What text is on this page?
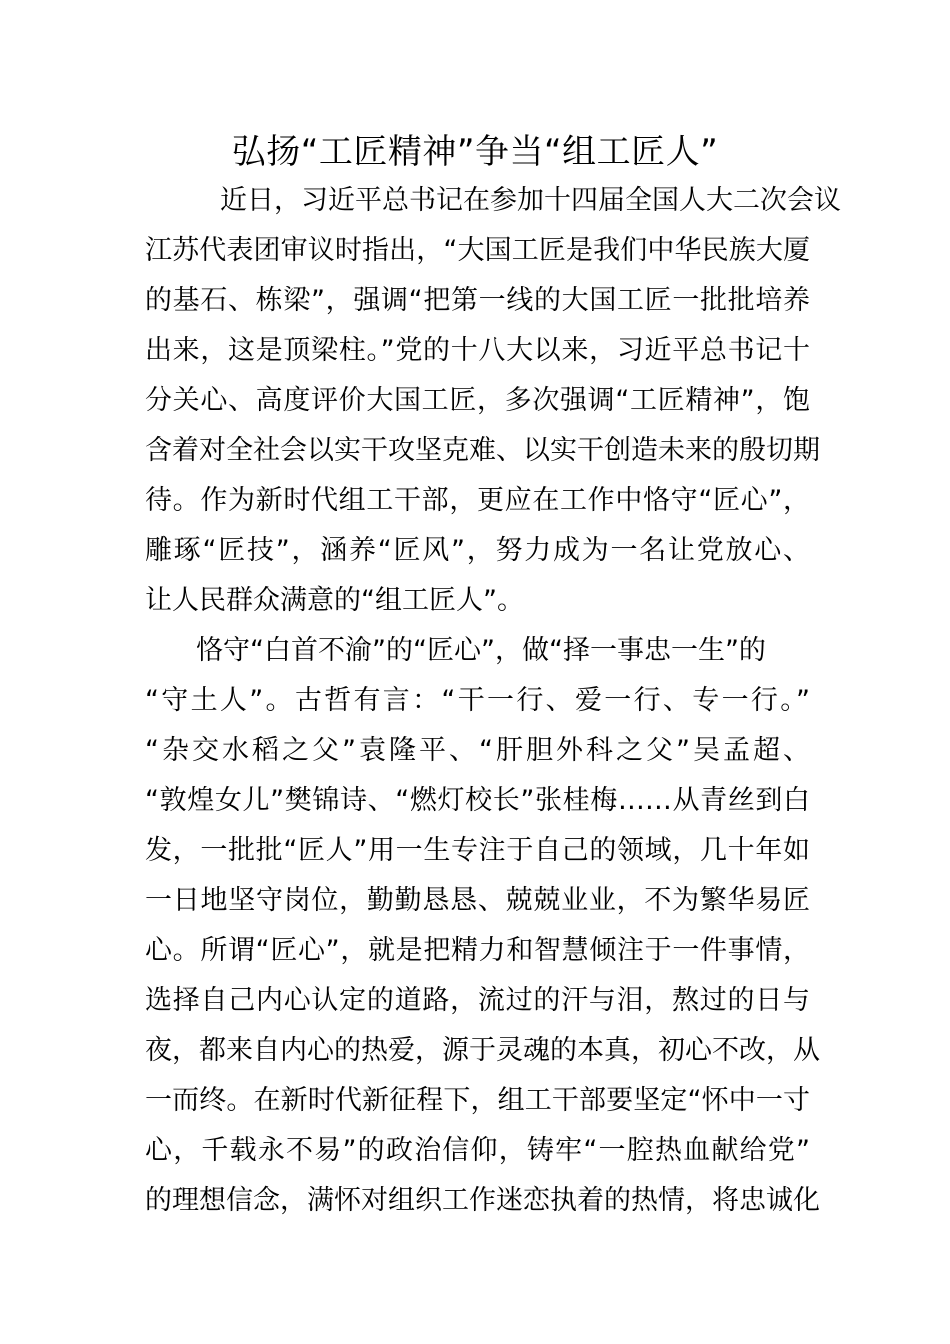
弘扬“工匠精神”争当“组工匠人”
　近日，习近平总书记在参加十四届全国人大二次会议
江苏代表团审议时指出，“大国工匠是我们中华民族大厦
的基石、栋梁”，强调“把第一线的大国工匠一批批培养
出来，这是顶梁柱。”党的十八大以来，习近平总书记十
分关心、高度评价大国工匠，多次强调“工匠精神”，饱
含着对全社会以实干攻坚克难、以实干创造未来的殷切期
待。作为新时代组工干部，更应在工作中恪守“匠心”，
雕琢“匠技”，涵养“匠风”，努力成为一名让党放心、
让人民群众满意的“组工匠人”。
　恪守“白首不渝”的“匠心”，做“择一事忠一生”的
“守土人”。古哲有言：“干一行、爱一行、专一行。”
“杂交水稻之父”袁隆平、“肝胆外科之父”吴孟超、
“敦煌女儿”樊锦诗、“燃灯校长”张桂梅……从青丝到白
发，一批批“匠人”用一生专注于自己的领域，几十年如
一日地坚守岗位，勤勤恳恳、兢兢业业，不为繁华易匠
心。所谓“匠心”，就是把精力和智慧倾注于一件事情，
选择自己内心认定的道路，流过的汗与泪，熬过的日与
夜，都来自内心的热爱，源于灵魂的本真，初心不改，从
一而终。在新时代新征程下，组工干部要坚定“怀中一寸
心，千载永不易”的政治信仰，铸牢“一腔热血献给党”
的理想信念，满怀对组织工作迷恋执着的热情，将忠诚化
